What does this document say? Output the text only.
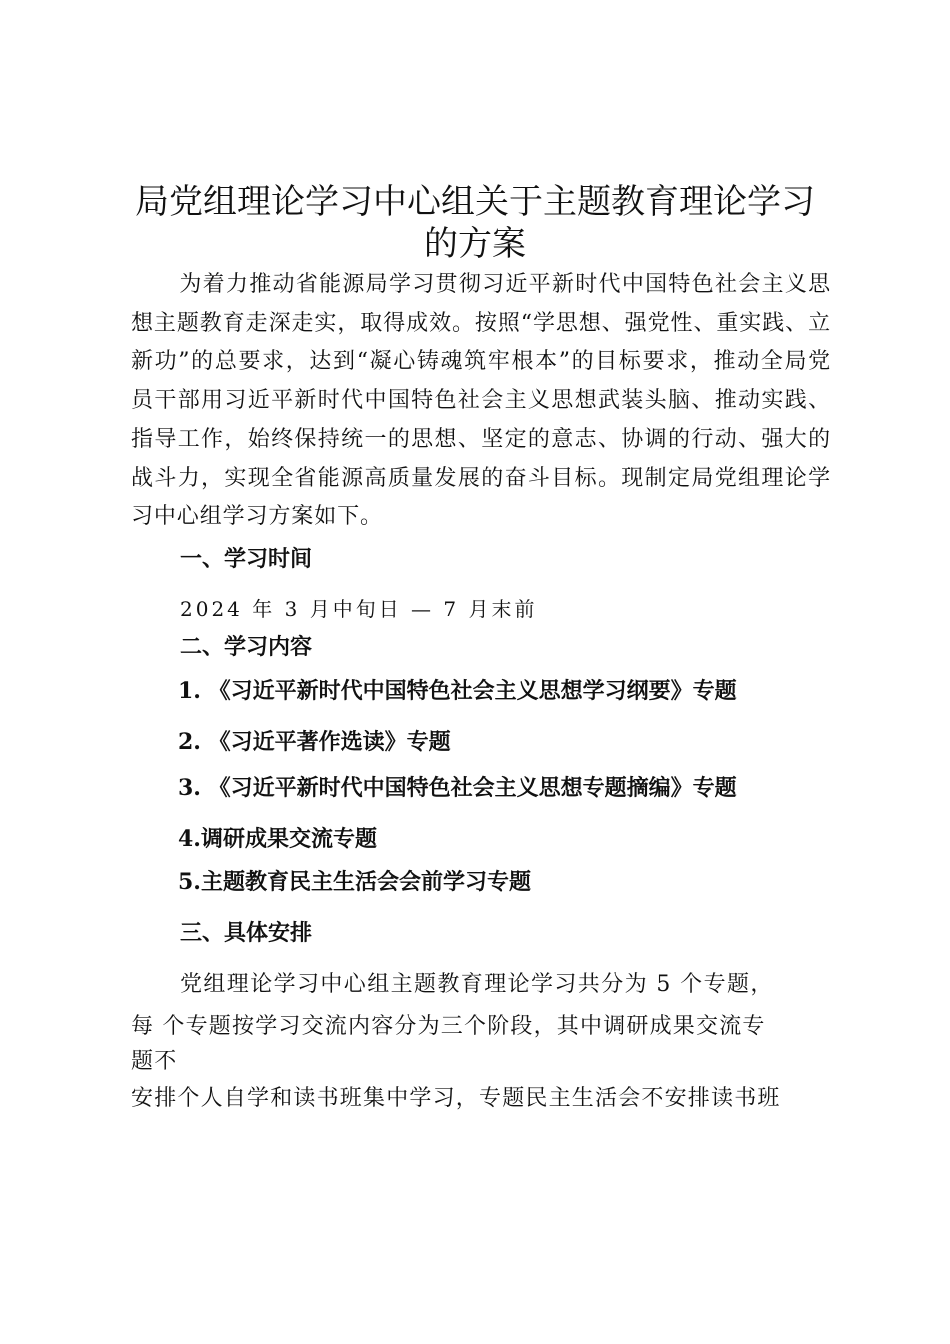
局党组理论学习中心组关于主题教育理论学习
的方案

为着力推动省能源局学习贯彻习近平新时代中国特色社会主义思想主题教育走深走实，取得成效。按照“学思想、强党性、重实践、立新功”的总要求，达到“凝心铸魂筑牢根本”的目标要求，推动全局党员干部用习近平新时代中国特色社会主义思想武装头脑、推动实践、指导工作，始终保持统一的思想、坚定的意志、协调的行动、强大的战斗力，实现全省能源高质量发展的奋斗目标。现制定局党组理论学习中心组学习方案如下。

一、学习时间
2024 年 3 月中旬日 — 7 月末前
二、学习内容
1. 《习近平新时代中国特色社会主义思想学习纲要》专题
2. 《习近平著作选读》专题
3. 《习近平新时代中国特色社会主义思想专题摘编》专题
4.调研成果交流专题
5.主题教育民主生活会会前学习专题
三、具体安排
党组理论学习中心组主题教育理论学习共分为 5 个专题，
每 个专题按学习交流内容分为三个阶段，其中调研成果交流专
题不
安排个人自学和读书班集中学习，专题民主生活会不安排读书班
